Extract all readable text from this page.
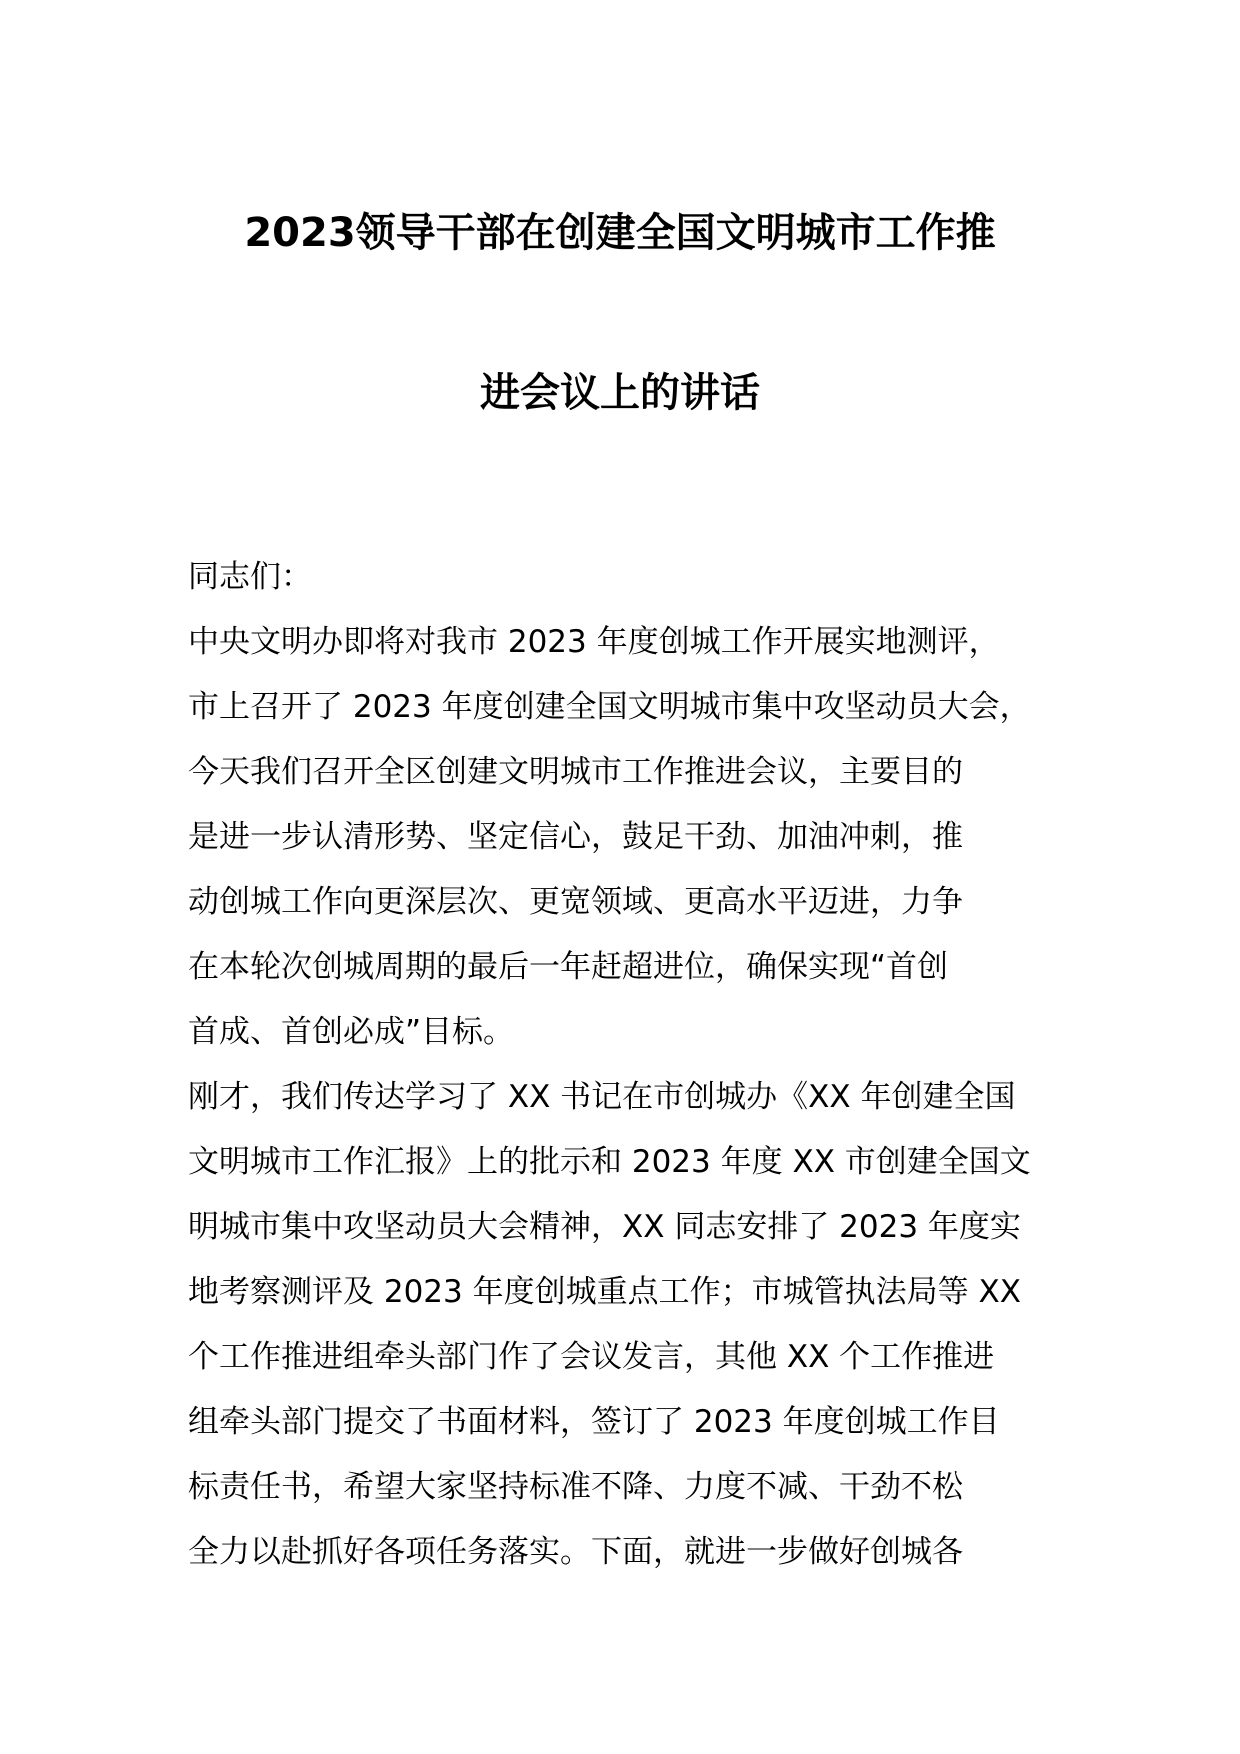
2023领导干部在创建全国文明城市工作推
进会议上的讲话
同志们：
中央文明办即将对我市 2023 年度创城工作开展实地测评，
市上召开了 2023 年度创建全国文明城市集中攻坚动员大会，
今天我们召开全区创建文明城市工作推进会议，主要目的
是进一步认清形势、坚定信心，鼓足干劲、加油冲刺，推
动创城工作向更深层次、更宽领域、更高水平迈进，力争
在本轮次创城周期的最后一年赶超进位，确保实现“首创
首成、首创必成”目标。
刚才，我们传达学习了 XX 书记在市创城办《XX 年创建全国
文明城市工作汇报》上的批示和 2023 年度 XX 市创建全国文
明城市集中攻坚动员大会精神，XX 同志安排了 2023 年度实
地考察测评及 2023 年度创城重点工作；市城管执法局等 XX
个工作推进组牵头部门作了会议发言，其他 XX 个工作推进
组牵头部门提交了书面材料，签订了 2023 年度创城工作目
标责任书，希望大家坚持标准不降、力度不减、干劲不松
全力以赴抓好各项任务落实。下面，就进一步做好创城各
